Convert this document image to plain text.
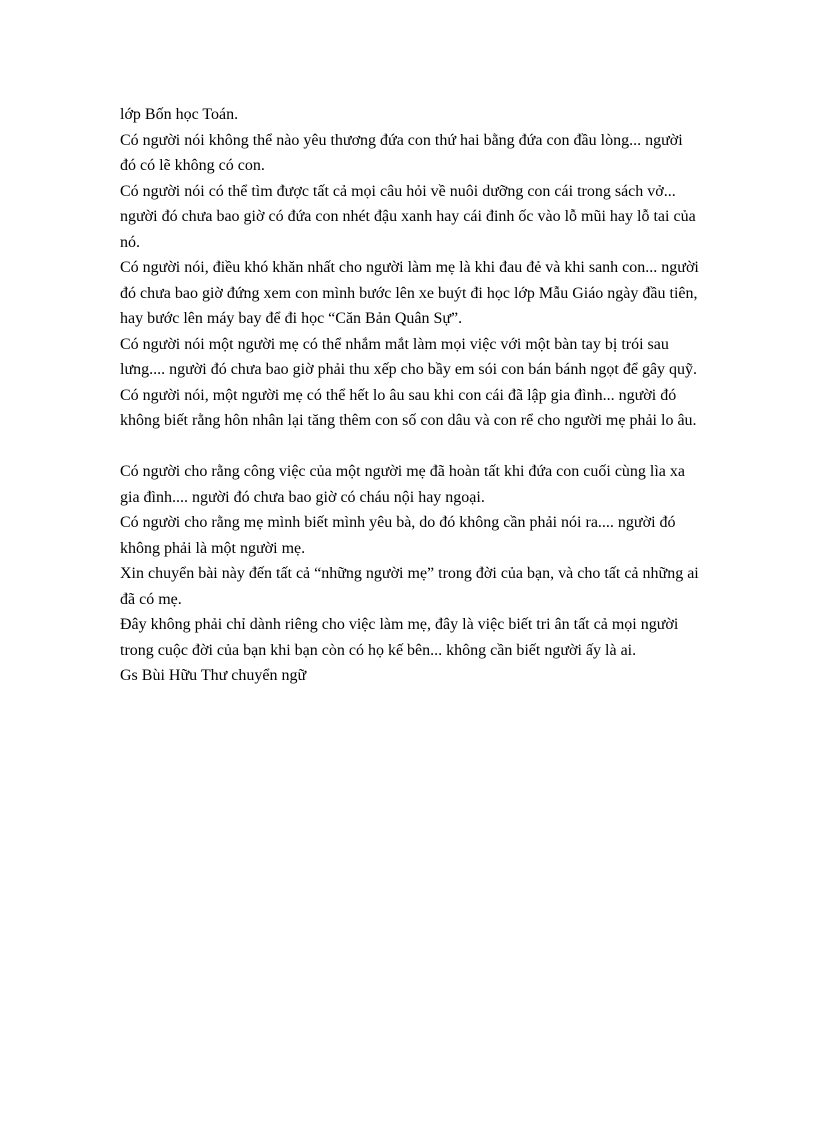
lớp Bốn học Toán.
Có người nói không thể nào yêu thương đứa con thứ hai bằng đứa con đầu lòng... người
đó có lẽ không có con.
Có người nói có thể tìm được tất cả mọi câu hỏi về nuôi dưỡng con cái trong sách vở...
người đó chưa bao giờ có đứa con nhét đậu xanh hay cái đinh ốc vào lỗ mũi hay lỗ tai của
nó.
Có người nói, điều khó khăn nhất cho người làm mẹ là khi đau đẻ và khi sanh con... người
đó chưa bao giờ đứng xem con mình bước lên xe buýt đi học lớp Mẫu Giáo ngày đầu tiên,
hay bước lên máy bay để đi học “Căn Bản Quân Sự”.
Có người nói một người mẹ có thể nhắm mắt làm mọi việc với một bàn tay bị trói sau
lưng.... người đó chưa bao giờ phải thu xếp cho bầy em sói con bán bánh ngọt để gây quỹ.
Có người nói, một người mẹ có thể hết lo âu sau khi con cái đã lập gia đình... người đó
không biết rằng hôn nhân lại tăng thêm con số con dâu và con rể cho người mẹ phải lo âu.
Có người cho rằng công việc của một người mẹ đã hoàn tất khi đứa con cuối cùng lìa xa
gia đình.... người đó chưa bao giờ có cháu nội hay ngoại.
Có người cho rằng mẹ mình biết mình yêu bà, do đó không cần phải nói ra.... người đó
không phải là một người mẹ.
Xin chuyển bài này đến tất cả “những người mẹ” trong đời của bạn, và cho tất cả những ai
đã có mẹ.
Đây không phải chỉ dành riêng cho việc làm mẹ, đây là việc biết tri ân tất cả mọi người
trong cuộc đời của bạn khi bạn còn có họ kế bên... không cần biết người ấy là ai.
Gs Bùi Hữu Thư chuyển ngữ
